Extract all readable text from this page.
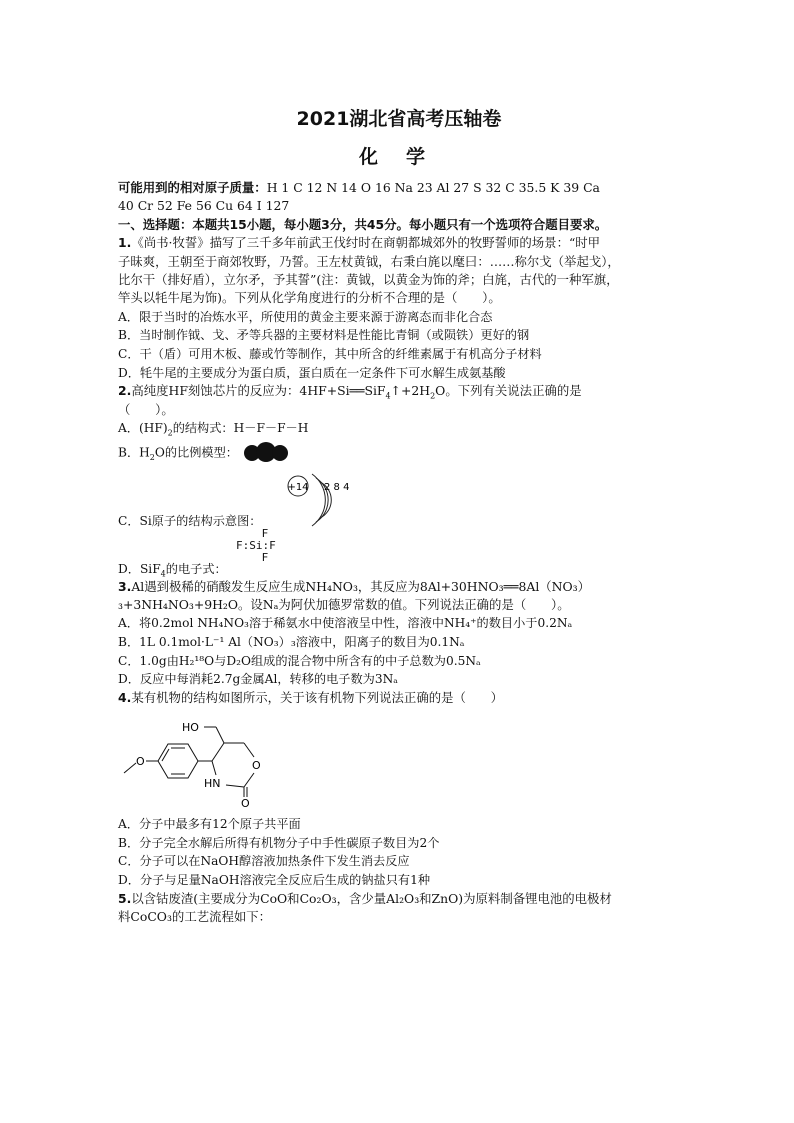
2021湖北省高考压轴卷
化学

可能用到的相对原子质量：H 1 C 12 N 14 O 16 Na 23 Al 27 S 32 C 35.5 K 39 Ca

40 Cr 52 Fe 56 Cu 64 I 127

一、选择题：本题共15小题，每小题3分，共45分。每小题只有一个选项符合题目要求。

1.《尚书·牧誓》描写了三千多年前武王伐纣时在商朝都城郊外的牧野誓师的场景：“时甲

子昧爽，王朝至于商郊牧野，乃誓。王左杖黄钺，右秉白旄以麾曰：……称尔戈（举起戈），

比尔干（排好盾），立尔矛，予其誓”(注：黄钺，以黄金为饰的斧；白旄，古代的一种军旗，

竿头以牦牛尾为饰)。下列从化学角度进行的分析不合理的是（　　）。

A．限于当时的冶炼水平，所使用的黄金主要来源于游离态而非化合态

B．当时制作钺、戈、矛等兵器的主要材料是性能比青铜（或陨铁）更好的钢

C．干（盾）可用木板、藤或竹等制作，其中所含的纤维素属于有机高分子材料

D．牦牛尾的主要成分为蛋白质，蛋白质在一定条件下可水解生成氨基酸

2.高纯度HF刻蚀芯片的反应为：$4HF+Si══SiF_4↑+2H_2O$。下列有关说法正确的是

（　　）。

A．$(HF)_2$的结构式：H－F－F－H

B．$H_2O$的比例模型：

+14 2 8 4

C．Si原子的结构示意图：

F
F:Si:F
F

D．SiF$_4$的电子式：

3.Al遇到极稀的硝酸发生反应生成NH₄NO₃，其反应为8Al+30HNO₃══8Al（NO₃）

₃+3NH₄NO₃+9H₂O。设Nₐ为阿伏加德罗常数的值。下列说法正确的是（　　）。

A．将0.2mol NH₄NO₃溶于稀氨水中使溶液呈中性，溶液中NH₄⁺的数目小于0.2Nₐ

B．1L 0.1mol·L⁻¹ Al（NO₃）₃溶液中，阳离子的数目为0.1Nₐ

C．1.0g由H₂¹⁸O与D₂O组成的混合物中所含有的中子总数为0.5Nₐ

D．反应中每消耗2.7g金属Al，转移的电子数为3Nₐ

4.某有机物的结构如图所示，关于该有机物下列说法正确的是（　　）

O	O
HN
O
HO

A．分子中最多有12个原子共平面

B．分子完全水解后所得有机物分子中手性碳原子数目为2个

C．分子可以在NaOH醇溶液加热条件下发生消去反应

D．分子与足量NaOH溶液完全反应后生成的钠盐只有1种

5.以含钴废渣(主要成分为CoO和Co₂O₃，含少量Al₂O₃和ZnO)为原料制备锂电池的电极材

料CoCO₃的工艺流程如下：
